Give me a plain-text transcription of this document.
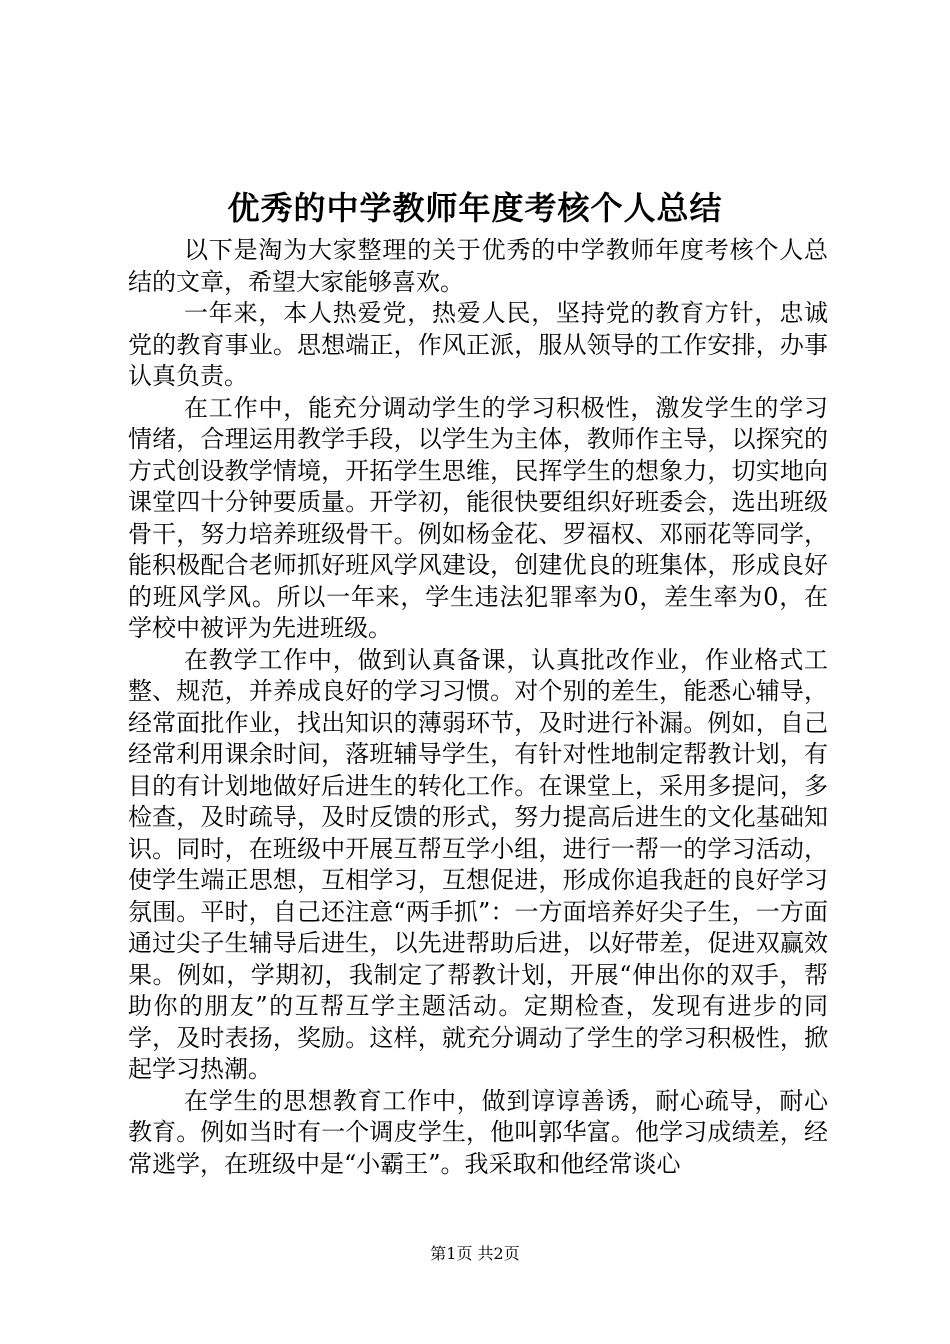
优秀的中学教师年度考核个人总结

以下是淘为大家整理的关于优秀的中学教师年度考核个人总结的文章，希望大家能够喜欢。

一年来，本人热爱党，热爱人民，坚持党的教育方针，忠诚党的教育事业。思想端正，作风正派，服从领导的工作安排，办事认真负责。

在工作中，能充分调动学生的学习积极性，激发学生的学习情绪，合理运用教学手段，以学生为主体，教师作主导，以探究的方式创设教学情境，开拓学生思维，民挥学生的想象力，切实地向课堂四十分钟要质量。开学初，能很快要组织好班委会，选出班级骨干，努力培养班级骨干。例如杨金花、罗福权、邓丽花等同学，能积极配合老师抓好班风学风建设，创建优良的班集体，形成良好的班风学风。所以一年来，学生违法犯罪率为0，差生率为0，在学校中被评为先进班级。

在教学工作中，做到认真备课，认真批改作业，作业格式工整、规范，并养成良好的学习习惯。对个别的差生，能悉心辅导，经常面批作业，找出知识的薄弱环节，及时进行补漏。例如，自己经常利用课余时间，落班辅导学生，有针对性地制定帮教计划，有目的有计划地做好后进生的转化工作。在课堂上，采用多提问，多检查，及时疏导，及时反馈的形式，努力提高后进生的文化基础知识。同时，在班级中开展互帮互学小组，进行一帮一的学习活动，使学生端正思想，互相学习，互想促进，形成你追我赶的良好学习氛围。平时，自己还注意“两手抓”：一方面培养好尖子生，一方面通过尖子生辅导后进生，以先进帮助后进，以好带差，促进双赢效果。例如，学期初，我制定了帮教计划，开展“伸出你的双手，帮助你的朋友”的互帮互学主题活动。定期检查，发现有进步的同学，及时表扬，奖励。这样，就充分调动了学生的学习积极性，掀起学习热潮。

在学生的思想教育工作中，做到谆谆善诱，耐心疏导，耐心教育。例如当时有一个调皮学生，他叫郭华富。他学习成绩差，经常逃学，在班级中是“小霸王”。我采取和他经常谈心

第1页 共2页
